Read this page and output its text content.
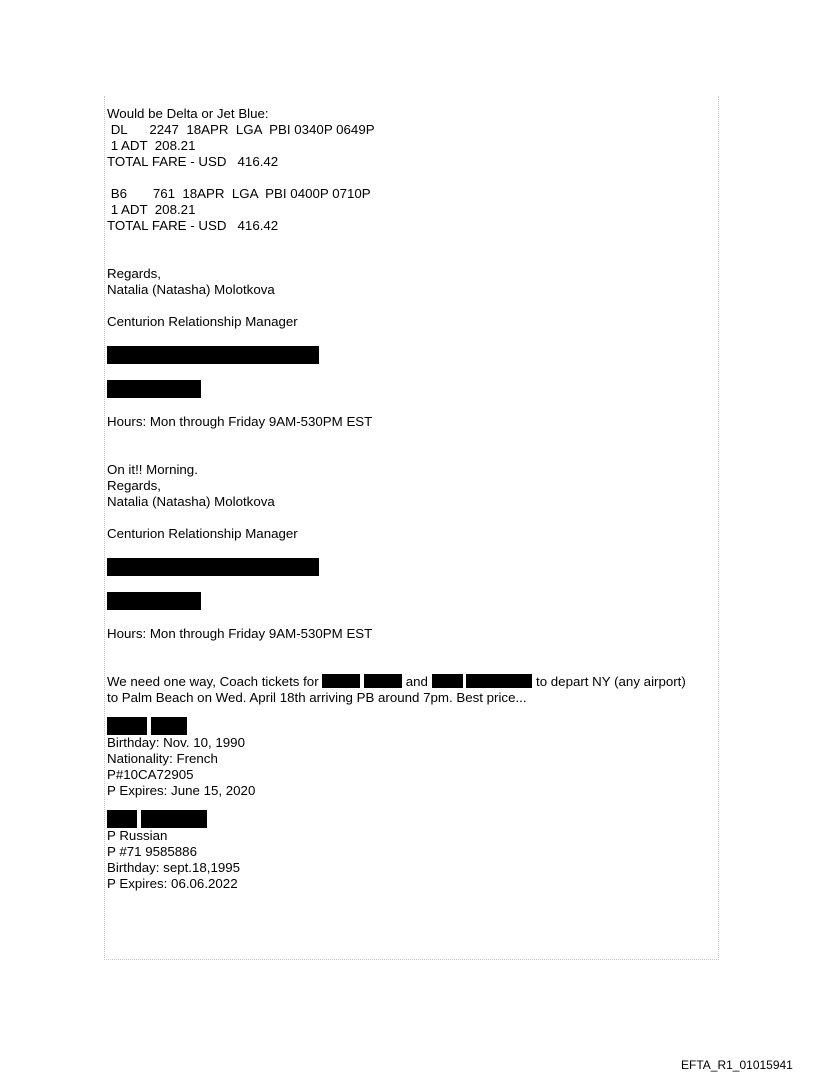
Would be Delta or Jet Blue:
DL      2247  18APR  LGA  PBI 0340P 0649P
1 ADT  208.21
TOTAL FARE - USD   416.42
B6       761  18APR  LGA  PBI 0400P 0710P
1 ADT  208.21
TOTAL FARE - USD   416.42
Regards,
Natalia (Natasha) Molotkova
Centurion Relationship Manager
Hours: Mon through Friday 9AM-530PM EST
On it!! Morning.
Regards,
Natalia (Natasha) Molotkova
Centurion Relationship Manager
Hours: Mon through Friday 9AM-530PM EST
We need one way, Coach tickets for	and	to depart NY (any airport)
to Palm Beach on Wed. April 18th arriving PB around 7pm. Best price...

Birthday: Nov. 10, 1990
Nationality: French
P#10CA72905
P Expires: June 15, 2020

P Russian
P #71 9585886
Birthday: sept.18,1995
P Expires: 06.06.2022
EFTA_R1_01015941
